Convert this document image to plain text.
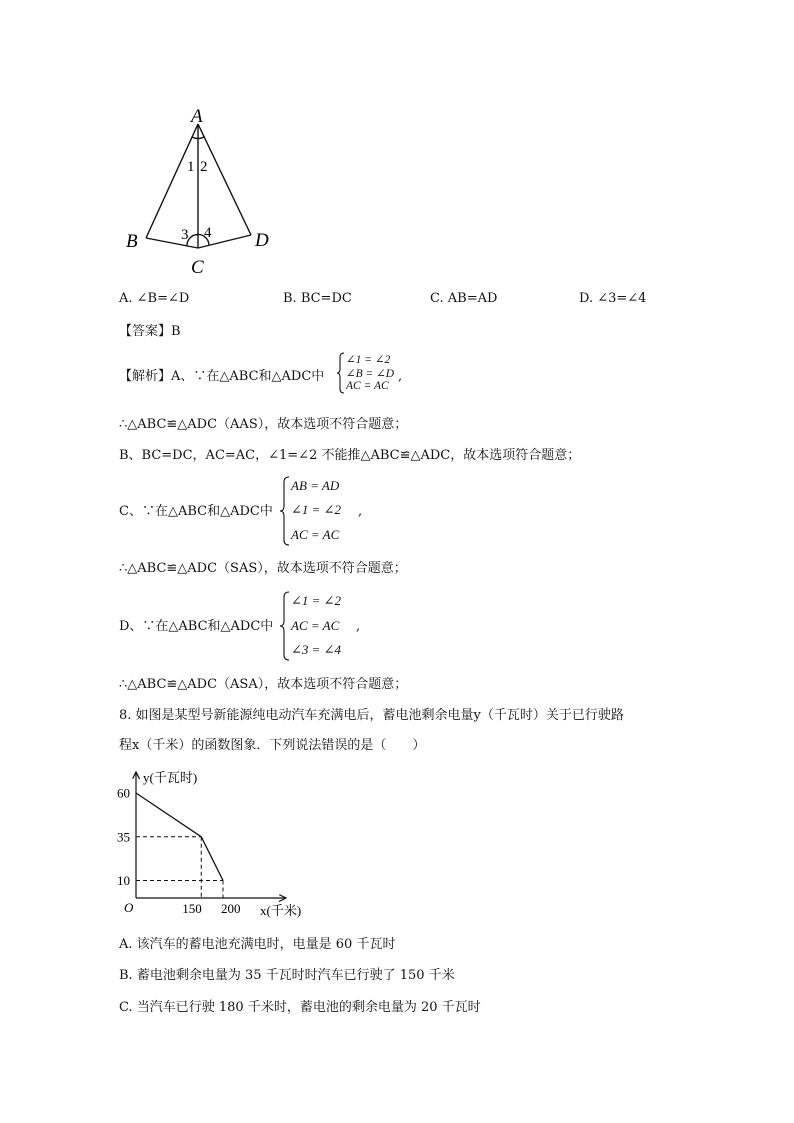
A
B
C
D
1 2
3 4
A. ∠B=∠D	B. BC=DC	C. AB=AD	D. ∠3=∠4
【答案】B
【解析】A、∵在△ABC和△ADC中
∠1 = ∠2
∠B = ∠D
AC = AC
,
∴△ABC≌△ADC（AAS），故本选项不符合题意；
B、BC=DC，AC=AC，∠1=∠2 不能推△ABC≌△ADC，故本选项符合题意；
C、∵在△ABC和△ADC中
AB = AD
∠1 = ∠2
AC = AC
,
∴△ABC≌△ADC（SAS），故本选项不符合题意；
D、∵在△ABC和△ADC中
∠1 = ∠2
AC = AC
∠3 = ∠4
,
∴△ABC≌△ADC（ASA），故本选项不符合题意；
8. 如图是某型号新能源纯电动汽车充满电后，蓄电池剩余电量y（千瓦时）关于已行驶路
程x（千米）的函数图象．下列说法错误的是（　　）
y(千瓦时)
x(千米)
O
60
35
10
150 200
A. 该汽车的蓄电池充满电时，电量是 60 千瓦时
B. 蓄电池剩余电量为 35 千瓦时时汽车已行驶了 150 千米
C. 当汽车已行驶 180 千米时，蓄电池的剩余电量为 20 千瓦时
